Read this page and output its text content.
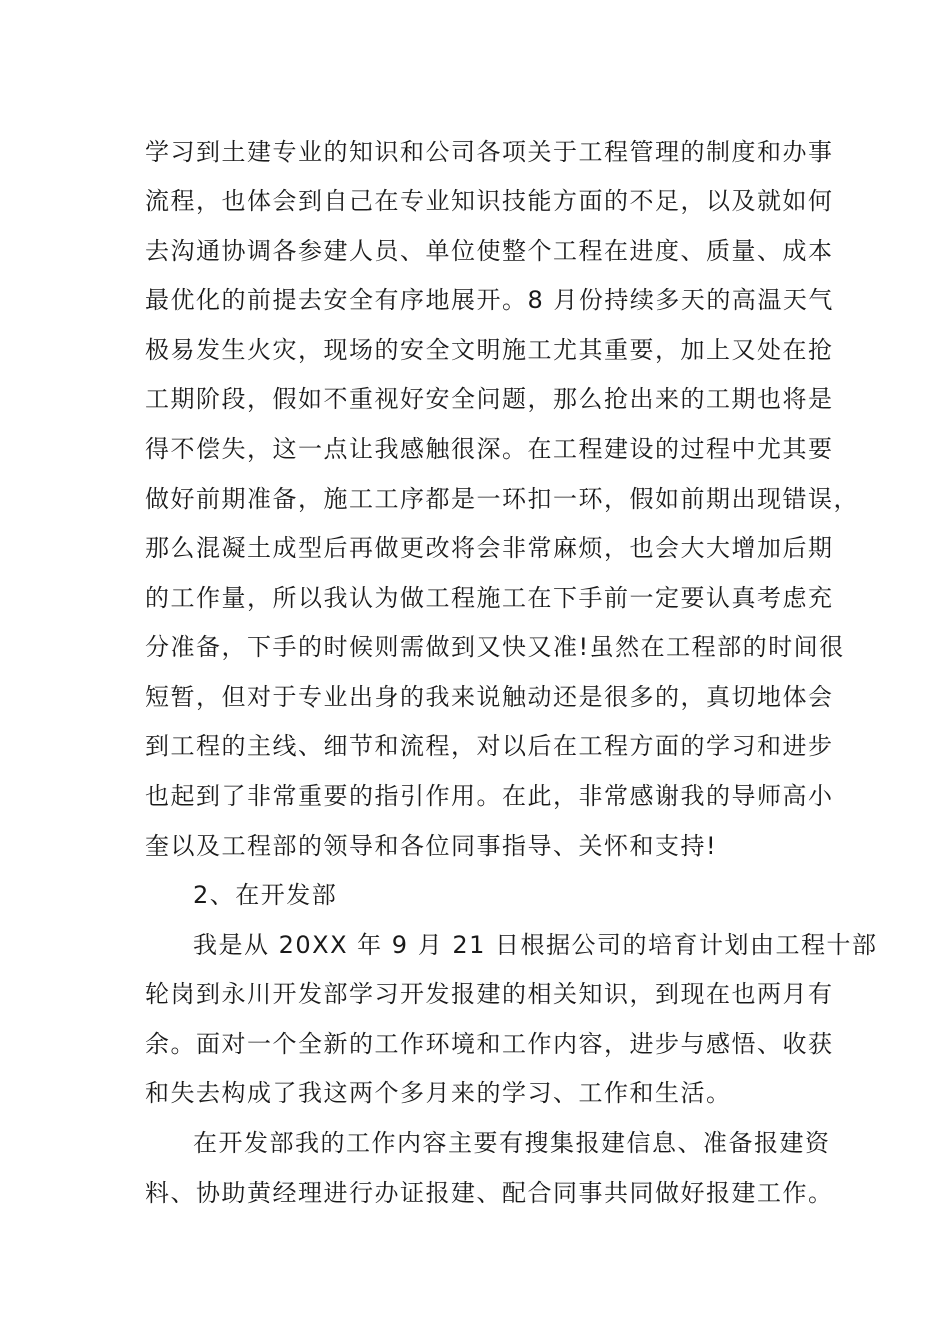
学习到土建专业的知识和公司各项关于工程管理的制度和办事
流程，也体会到自己在专业知识技能方面的不足，以及就如何
去沟通协调各参建人员、单位使整个工程在进度、质量、成本
最优化的前提去安全有序地展开。8 月份持续多天的高温天气
极易发生火灾，现场的安全文明施工尤其重要，加上又处在抢
工期阶段，假如不重视好安全问题，那么抢出来的工期也将是
得不偿失，这一点让我感触很深。在工程建设的过程中尤其要
做好前期准备，施工工序都是一环扣一环，假如前期出现错误，
那么混凝土成型后再做更改将会非常麻烦，也会大大增加后期
的工作量，所以我认为做工程施工在下手前一定要认真考虑充
分准备，下手的时候则需做到又快又准!虽然在工程部的时间很
短暂，但对于专业出身的我来说触动还是很多的，真切地体会
到工程的主线、细节和流程，对以后在工程方面的学习和进步
也起到了非常重要的指引作用。在此，非常感谢我的导师高小
奎以及工程部的领导和各位同事指导、关怀和支持!
2、在开发部
我是从 20XX 年 9 月 21 日根据公司的培育计划由工程十部
轮岗到永川开发部学习开发报建的相关知识，到现在也两月有
余。面对一个全新的工作环境和工作内容，进步与感悟、收获
和失去构成了我这两个多月来的学习、工作和生活。
在开发部我的工作内容主要有搜集报建信息、准备报建资
料、协助黄经理进行办证报建、配合同事共同做好报建工作。
